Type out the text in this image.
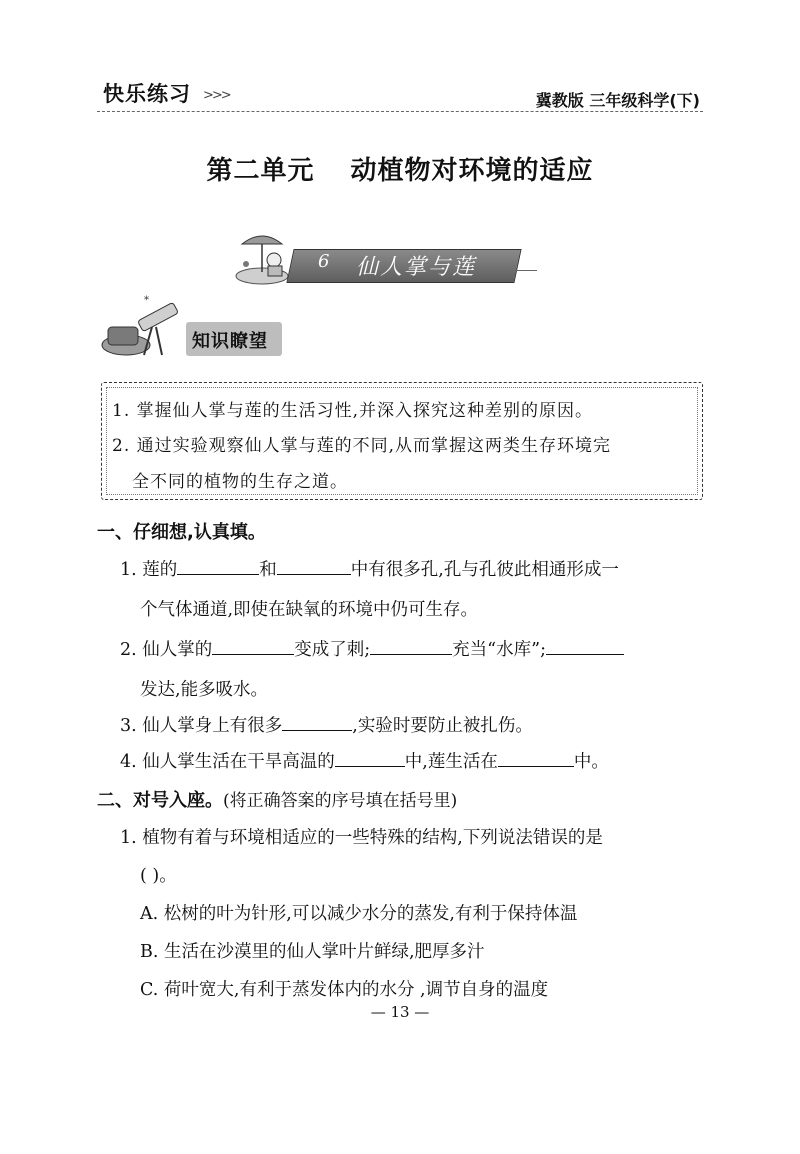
快乐练习 >>>	冀教版 三年级科学(下)
第二单元 动植物对环境的适应
6 仙人掌与莲
*
知识瞭望
1. 掌握仙人掌与莲的生活习性,并深入探究这种差别的原因。
2. 通过实验观察仙人掌与莲的不同,从而掌握这两类生存环境完
全不同的植物的生存之道。
一、仔细想,认真填。
1. 莲的	和	中有很多孔,孔与孔彼此相通形成一
个气体通道,即使在缺氧的环境中仍可生存。
2. 仙人掌的	变成了刺;	充当“水库”;
发达,能多吸水。
3. 仙人掌身上有很多	,实验时要防止被扎伤。
4. 仙人掌生活在干旱高温的	中,莲生活在	中。
二、对号入座。(将正确答案的序号填在括号里)
1. 植物有着与环境相适应的一些特殊的结构,下列说法错误的是
( )。
A. 松树的叶为针形,可以减少水分的蒸发,有利于保持体温
B. 生活在沙漠里的仙人掌叶片鲜绿,肥厚多汁
C. 荷叶宽大,有利于蒸发体内的水分 ,调节自身的温度
— 13 —
